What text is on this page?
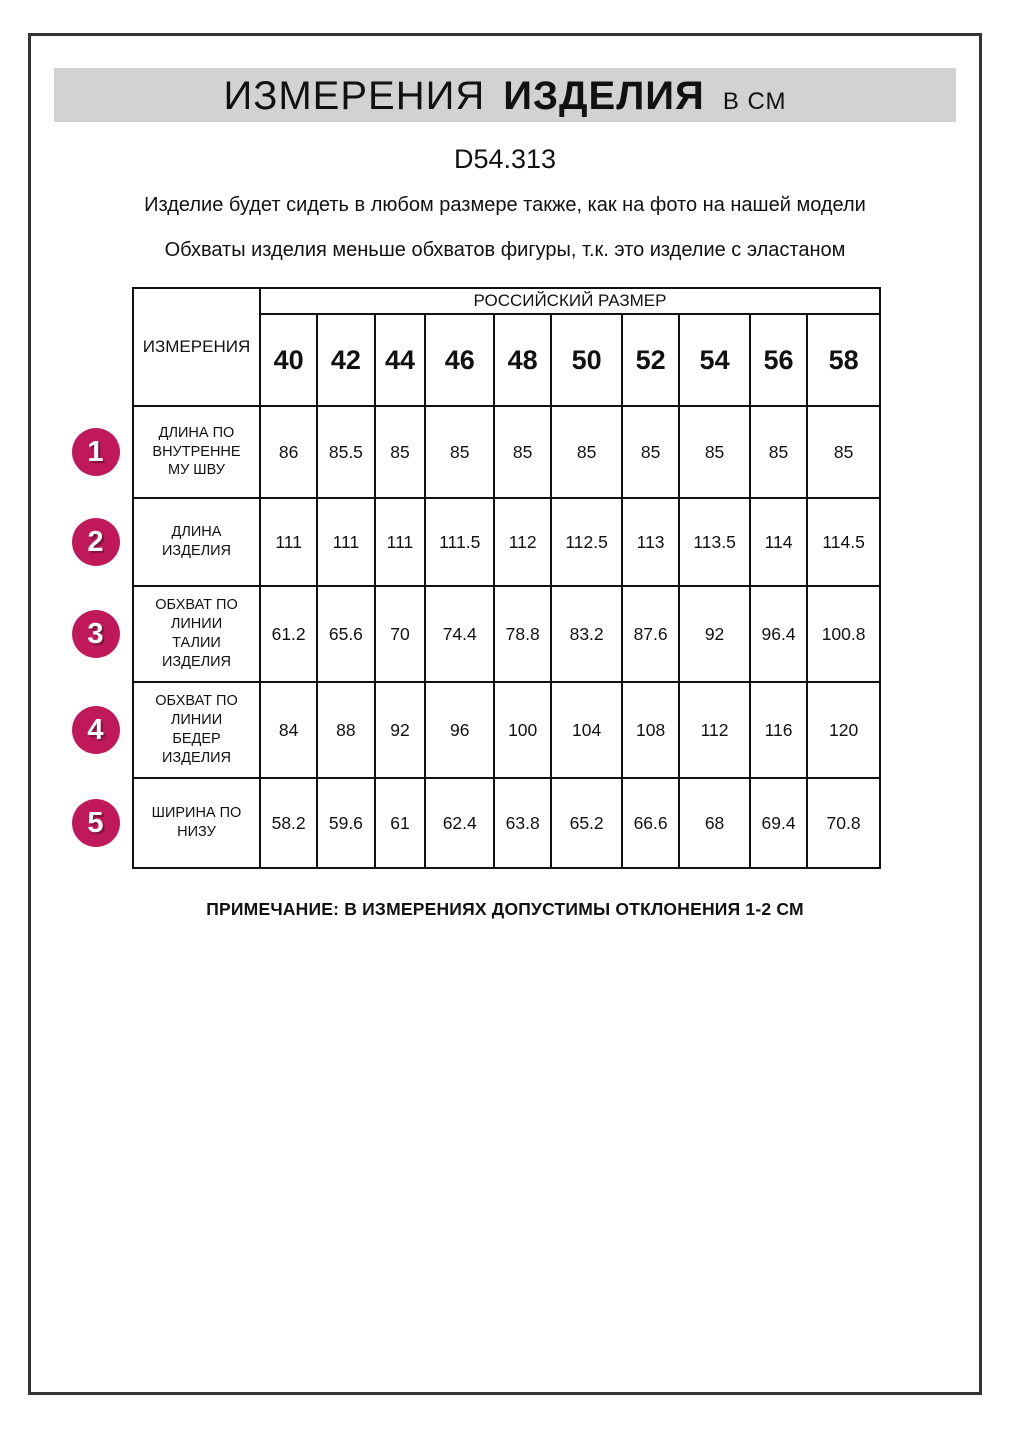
ИЗМЕРЕНИЯ ИЗДЕЛИЯ В СМ
D54.313

Изделие будет сидеть в любом размере также, как на фото на нашей модели

Обхваты изделия меньше обхватов фигуры, т.к. это изделие с эластаном

	ИЗМЕРЕНИЯ	РОССИЙСКИЙ РАЗМЕР									
		40	42	44	46	48	50	52	54	56	58

1	ДЛИНА ПО ВНУТРЕННЕ МУ ШВУ	86	85.5	85	85	85	85	85	85	85	85

2	ДЛИНА ИЗДЕЛИЯ	111	111	111	111.5	112	112.5	113	113.5	114	114.5

3	ОБХВАТ ПО ЛИНИИ ТАЛИИ ИЗДЕЛИЯ	61.2	65.6	70	74.4	78.8	83.2	87.6	92	96.4	100.8

4	ОБХВАТ ПО ЛИНИИ БЕДЕР ИЗДЕЛИЯ	84	88	92	96	100	104	108	112	116	120

5	ШИРИНА ПО НИЗУ	58.2	59.6	61	62.4	63.8	65.2	66.6	68	69.4	70.8
ПРИМЕЧАНИЕ: В ИЗМЕРЕНИЯХ ДОПУСТИМЫ ОТКЛОНЕНИЯ 1-2 СМ
